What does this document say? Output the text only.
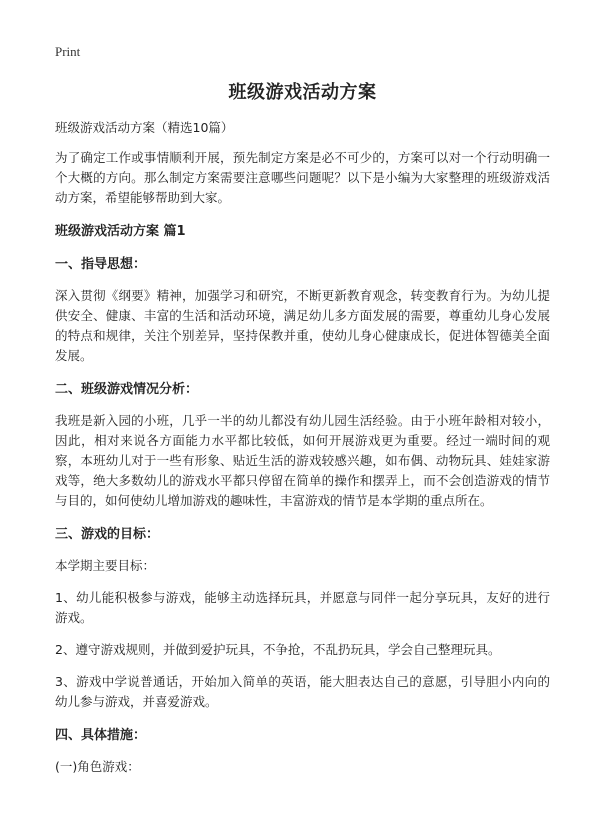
Print
班级游戏活动方案

班级游戏活动方案（精选10篇）

为了确定工作或事情顺利开展，预先制定方案是必不可少的，方案可以对一个行动明确一个大概的方向。那么制定方案需要注意哪些问题呢？以下是小编为大家整理的班级游戏活动方案，希望能够帮助到大家。

班级游戏活动方案 篇1
一、指导思想：

深入贯彻《纲要》精神，加强学习和研究，不断更新教育观念，转变教育行为。为幼儿提供安全、健康、丰富的生活和活动环境，满足幼儿多方面发展的需要，尊重幼儿身心发展的特点和规律，关注个别差异，坚持保教并重，使幼儿身心健康成长，促进体智德美全面发展。

二、班级游戏情况分析：

我班是新入园的小班，几乎一半的幼儿都没有幼儿园生活经验。由于小班年龄相对较小，因此，相对来说各方面能力水平都比较低，如何开展游戏更为重要。经过一端时间的观察，本班幼儿对于一些有形象、贴近生活的游戏较感兴趣，如布偶、动物玩具、娃娃家游戏等，绝大多数幼儿的游戏水平都只停留在简单的操作和摆弄上，而不会创造游戏的情节与目的，如何使幼儿增加游戏的趣味性，丰富游戏的情节是本学期的重点所在。

三、游戏的目标：

本学期主要目标：

1、幼儿能积极参与游戏，能够主动选择玩具，并愿意与同伴一起分享玩具，友好的进行游戏。

2、遵守游戏规则，并做到爱护玩具，不争抢，不乱扔玩具，学会自己整理玩具。

3、游戏中学说普通话，开始加入简单的英语，能大胆表达自己的意愿，引导胆小内向的幼儿参与游戏，并喜爱游戏。

四、具体措施：

(一)角色游戏：
